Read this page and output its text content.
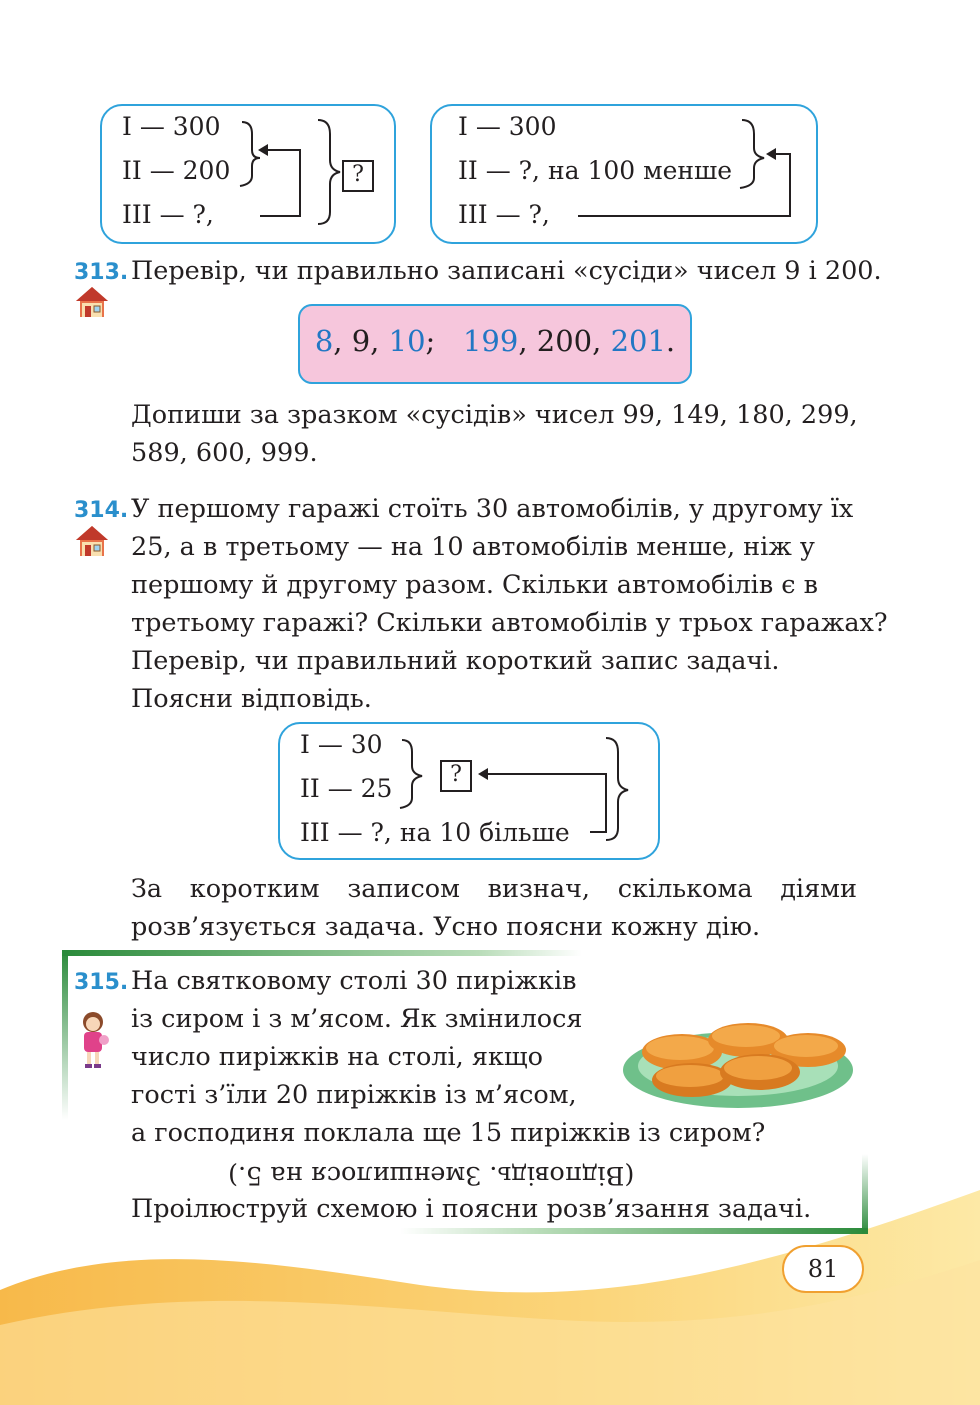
I — 300
II — 200
III — ?,
?
I — 300
II — ?, на 100 менше
III — ?,
313. Перевір, чи правильно записані «сусіди» чисел 9 і 200.
8, 9, 10; 199, 200, 201.
Допиши за зразком «сусідів» чисел 99, 149, 180, 299,
589, 600, 999.
314. У першому гаражі стоїть 30 автомобілів, у другому їх
25, а в третьому — на 10 автомобілів менше, ніж у
першому й другому разом. Скільки автомобілів є в
третьому гаражі? Скільки автомобілів у трьох гаражах?
Перевір, чи правильний короткий запис задачі.
Поясни відповідь.
I — 30
II — 25
III — ?, на 10 більше
?
За коротким записом визнач, скількома діями
розв’язується задача. Усно поясни кожну дію.
315. На святковому столі 30 пиріжків
із сиром і з м’ясом. Як змінилося
число пиріжків на столі, якщо
гості з’їли 20 пиріжків із м’ясом,
а господиня поклала ще 15 пиріжків із сиром?
(Відповідь. Зменшилося на 5.)
Проілюструй схемою і поясни розв’язання задачі.
81
